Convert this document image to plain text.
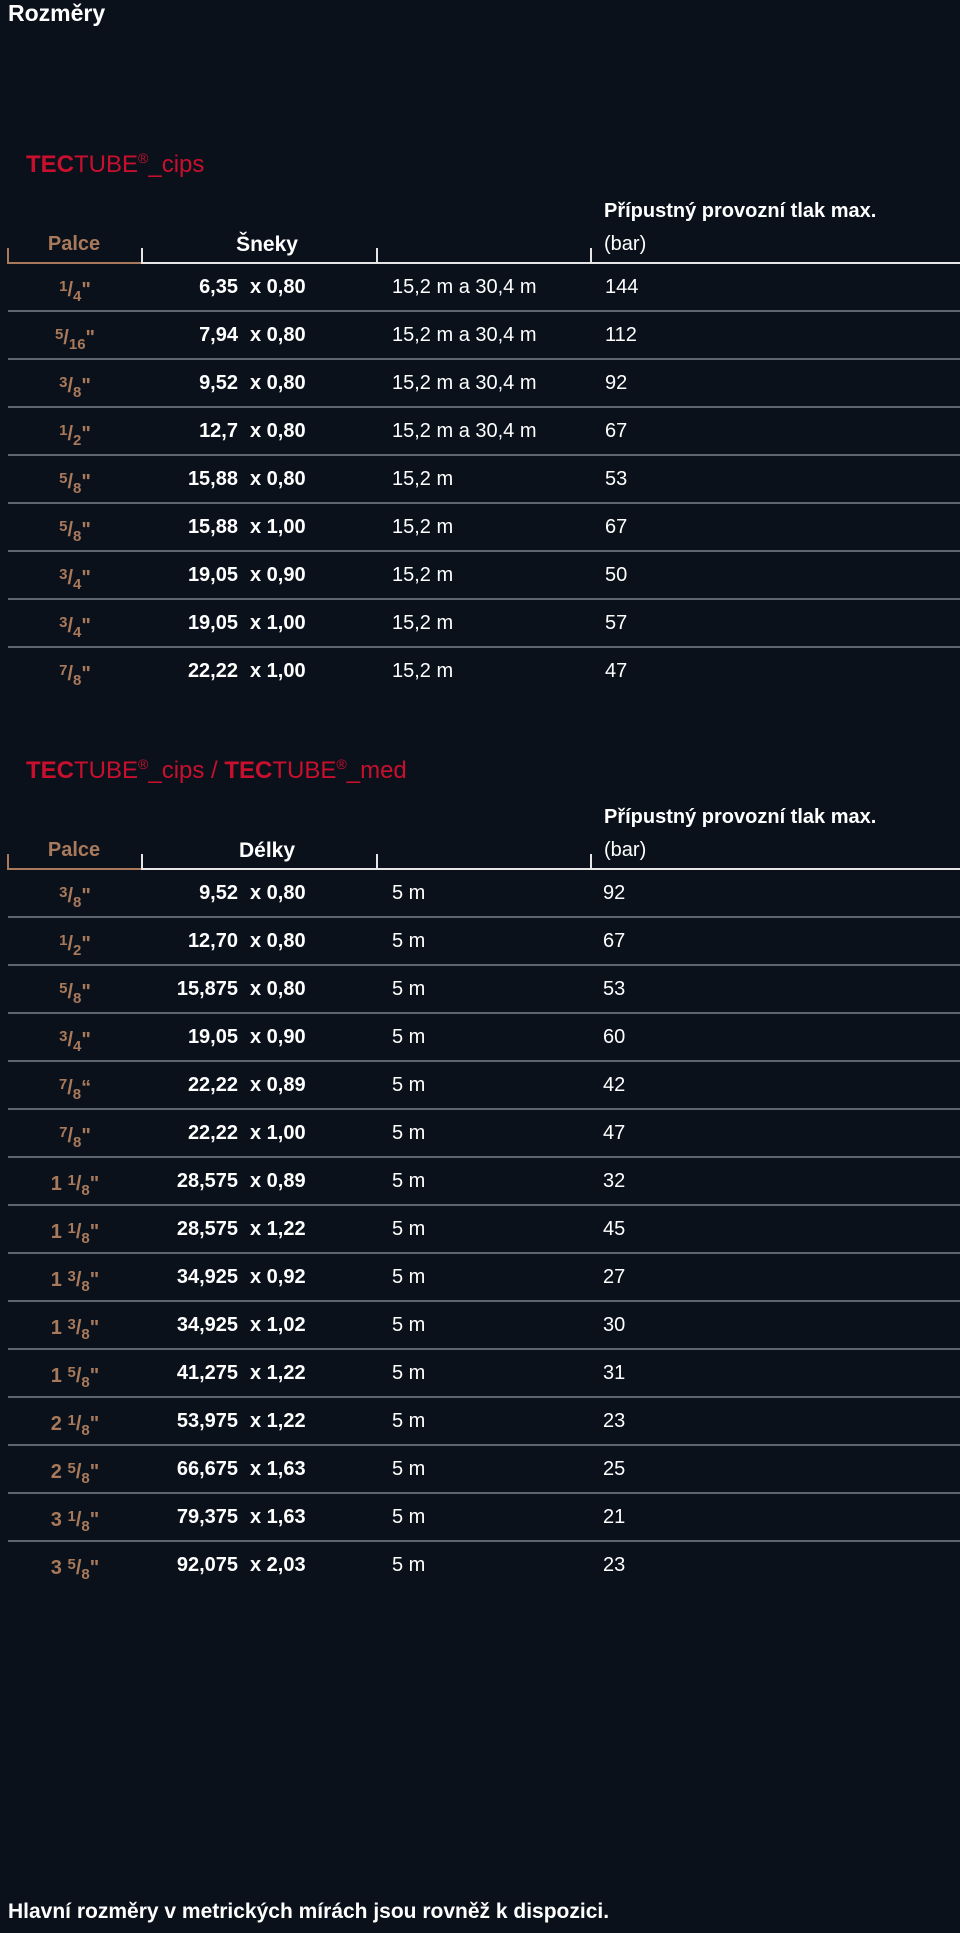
Rozměry
TECTUBE®_cips
Přípustný provozní tlak max.
(bar)
Palce	Šneky
$^1/_4$"	6,35 x 0,80	15,2 m a 30,4 m	144
$^5/_{16}$"	7,94 x 0,80	15,2 m a 30,4 m	112
$^3/_8$"	9,52 x 0,80	15,2 m a 30,4 m	92
$^1/_2$"	12,7 x 0,80	15,2 m a 30,4 m	67
$^5/_8$"	15,88 x 0,80	15,2 m	53
$^5/_8$"	15,88 x 1,00	15,2 m	67
$^3/_4$"	19,05 x 0,90	15,2 m	50
$^3/_4$"	19,05 x 1,00	15,2 m	57
$^7/_8$"	22,22 x 1,00	15,2 m	47
TECTUBE®_cips / TECTUBE®_med
Přípustný provozní tlak max.
(bar)
Palce	Délky
$^3/_8$"	9,52 x 0,80	5 m	92
$^1/_2$"	12,70 x 0,80	5 m	67
$^5/_8$"	15,875 x 0,80	5 m	53
$^3/_4$"	19,05 x 0,90	5 m	60
$^7/_8“$	22,22 x 0,89	5 m	42
$^7/_8$"	22,22 x 1,00	5 m	47
1 $^1/_8$"	28,575 x 0,89	5 m	32
1 $^1/_8$"	28,575 x 1,22	5 m	45
1 $^3/_8$"	34,925 x 0,92	5 m	27
1 $^3/_8$"	34,925 x 1,02	5 m	30
1 $^5/_8$"	41,275 x 1,22	5 m	31
2 $^1/_8$"	53,975 x 1,22	5 m	23
2 $^5/_8$"	66,675 x 1,63	5 m	25
3 $^1/_8$"	79,375 x 1,63	5 m	21
3 $^5/_8$"	92,075 x 2,03	5 m	23
Hlavní rozměry v metrických mírách jsou rovněž k dispozici.
